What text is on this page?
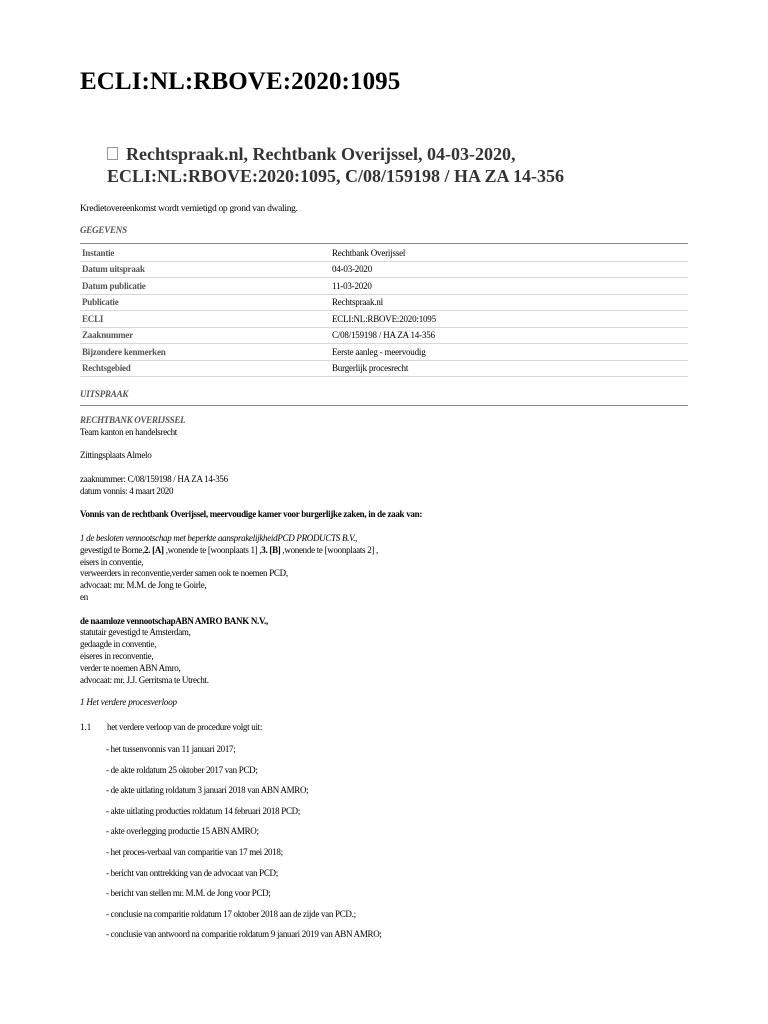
ECLI:NL:RBOVE:2020:1095
Rechtspraak.nl, Rechtbank Overijssel, 04-03-2020,
ECLI:NL:RBOVE:2020:1095, C/08/159198 / HA ZA 14-356
Kredietovereenkomst wordt vernietigd op grond van dwaling.
GEGEVENS
Instantie	Rechtbank Overijssel
Datum uitspraak	04-03-2020
Datum publicatie	11-03-2020
Publicatie	Rechtspraak.nl
ECLI	ECLI:NL:RBOVE:2020:1095
Zaaknummer	C/08/159198 / HA ZA 14-356
Bijzondere kenmerken	Eerste aanleg - meervoudig
Rechtsgebied	Burgerlijk procesrecht
UITSPRAAK

RECHTBANK OVERIJSSEL

Team kanton en handelsrecht

Zittingsplaats Almelo

zaaknummer: C/08/159198 / HA ZA 14-356

datum vonnis: 4 maart 2020

Vonnis van de rechtbank Overijssel, meervoudige kamer voor burgerlijke zaken, in de zaak van:

1 de besloten vennootschap met beperkte aansprakelijkheidPCD PRODUCTS B.V.,

gevestigd te Borne,2. [A] ,wonende te [woonplaats 1] ,3. [B] ,wonende te [woonplaats 2] ,

eisers in conventie,

verweerders in reconventie,verder samen ook te noemen PCD,

advocaat: mr. M.M. de Jong te Goirle,

en

de naamloze vennootschapABN AMRO BANK N.V.,

statutair gevestigd te Amsterdam,

gedaagde in conventie,

eiseres in reconventie,

verder te noemen ABN Amro,

advocaat: mr. J.J. Gerritsma te Utrecht.

1 Het verdere procesverloop
1.1 het verdere verloop van de procedure volgt uit:
- het tussenvonnis van 11 januari 2017;
- de akte roldatum 25 oktober 2017 van PCD;
- de akte uitlating roldatum 3 januari 2018 van ABN AMRO;
- akte uitlating producties roldatum 14 februari 2018 PCD;
- akte overlegging productie 15 ABN AMRO;
- het proces-verbaal van comparitie van 17 mei 2018;
- bericht van onttrekking van de advocaat van PCD;
- bericht van stellen mr. M.M. de Jong voor PCD;
- conclusie na comparitie roldatum 17 oktober 2018 aan de zijde van PCD.;
- conclusie van antwoord na comparitie roldatum 9 januari 2019 van ABN AMRO;
